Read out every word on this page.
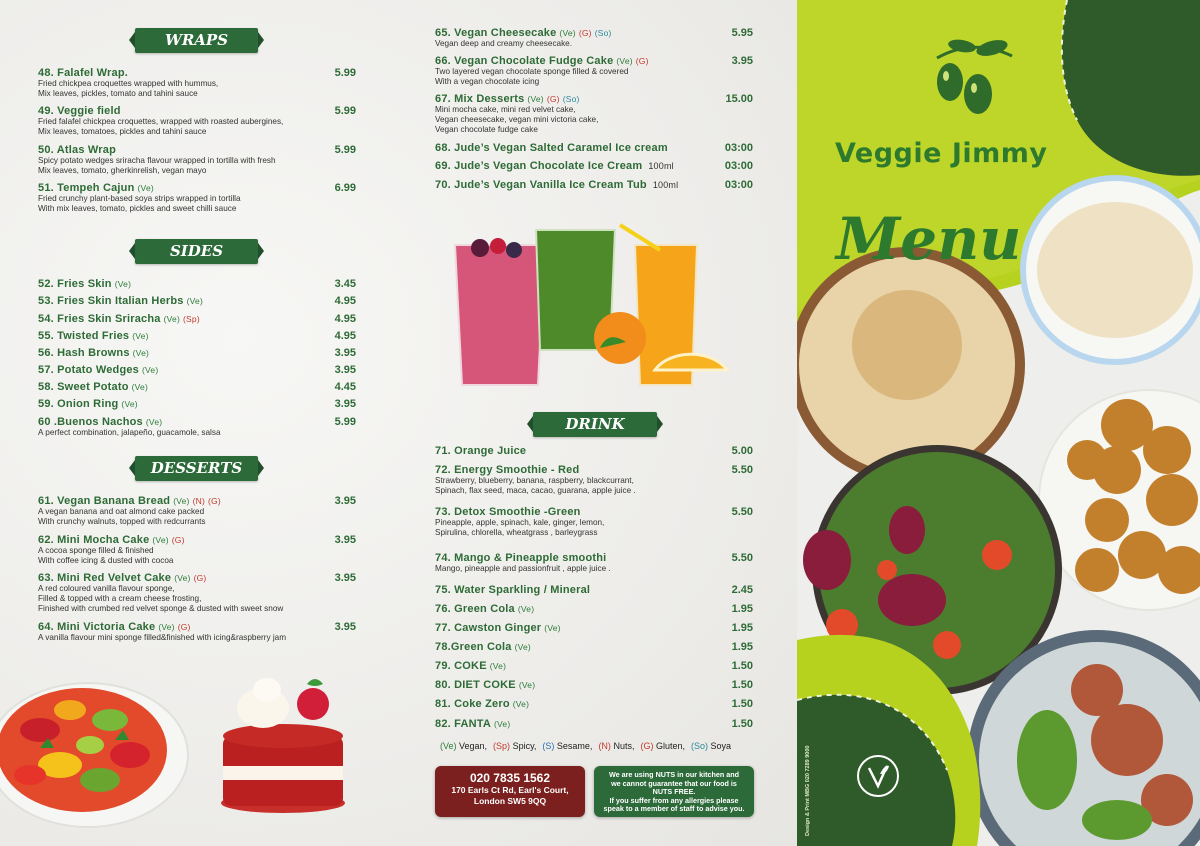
WRAPS
SIDES
DESSERTS
48. Falafel Wrap.	5.99
Fried chickpea croquettes wrapped with hummus,
Mix leaves, pickles, tomato and tahini sauce
49. Veggie field	5.99
Fried falafel chickpea croquettes, wrapped with roasted aubergines,
Mix leaves, tomatoes, pickles and tahini sauce
50. Atlas Wrap	5.99
Spicy potato wedges sriracha flavour wrapped in tortilla with fresh
Mix leaves, tomato, gherkinrelish, vegan mayo
51. Tempeh Cajun (Ve)	6.99
Fried crunchy plant-based soya strips wrapped in tortilla
With mix leaves, tomato, pickles and sweet chilli sauce
52. Fries Skin (Ve)	3.45
53. Fries Skin Italian Herbs (Ve)	4.95
54. Fries Skin Sriracha (Ve) (Sp)	4.95
55. Twisted Fries (Ve)	4.95
56. Hash Browns (Ve)	3.95
57. Potato Wedges (Ve)	3.95
58. Sweet Potato (Ve)	4.45
59. Onion Ring (Ve)	3.95
60 .Buenos Nachos (Ve)	5.99
A perfect combination, jalapeño, guacamole, salsa
61. Vegan Banana Bread (Ve) (N) (G)	3.95
A vegan banana and oat almond cake packed
With crunchy walnuts, topped with redcurrants
62. Mini Mocha Cake (Ve) (G)	3.95
A cocoa sponge filled & finished
With coffee icing & dusted with cocoa
63. Mini Red Velvet Cake (Ve) (G)	3.95
A red coloured vanilla flavour sponge,
Filled & topped with a cream cheese frosting,
Finished with crumbed red velvet sponge & dusted with sweet snow
64. Mini Victoria Cake (Ve) (G)	3.95
A vanilla flavour mini sponge filled&finished with icing&raspberry jam
DRINK
65. Vegan Cheesecake (Ve) (G) (So)	5.95
Vegan deep and creamy cheesecake.
66. Vegan Chocolate Fudge Cake (Ve) (G)	3.95
Two layered vegan chocolate sponge filled & covered
With a vegan chocolate icing
67. Mix Desserts (Ve) (G) (So)	15.00
Mini mocha cake, mini red velvet cake,
Vegan cheesecake, vegan mini victoria cake,
Vegan chocolate fudge cake
68. Jude’s Vegan Salted Caramel Ice cream	03:00
69. Jude’s Vegan Chocolate Ice Cream 100ml	03:00
70. Jude’s Vegan Vanilla Ice Cream Tub 100ml	03:00
71. Orange Juice	5.00
72. Energy Smoothie - Red	5.50
Strawberry, blueberry, banana, raspberry, blackcurrant,
Spinach, flax seed, maca, cacao, guarana, apple juice .
73. Detox Smoothie -Green	5.50
Pineapple, apple, spinach, kale, ginger, lemon,
Spirulina, chlorella, wheatgrass , barleygrass
74. Mango & Pineapple smoothi	5.50
Mango, pineapple and passionfruit , apple juice .
75. Water Sparkling / Mineral	2.45
76. Green Cola (Ve)	1.95
77. Cawston Ginger (Ve)	1.95
78.Green Cola (Ve)	1.95
79. COKE (Ve)	1.50
80. DIET COKE (Ve)	1.50
81. Coke Zero (Ve)	1.50
82. FANTA (Ve)	1.50
(Ve) Vegan, (Sp) Spicy, (S) Sesame, (N) Nuts, (G) Gluten, (So) Soya
020 7835 1562
170 Earls Ct Rd, Earl's Court,
London SW5 9QQ
We are using NUTS in our kitchen and
we cannot guarantee that our food is
NUTS FREE.
If you suffer from any allergies please
speak to a member of staff to advise you.
Veggie Jimmy
Menu
Design & Print MBG 020 7289 9000
